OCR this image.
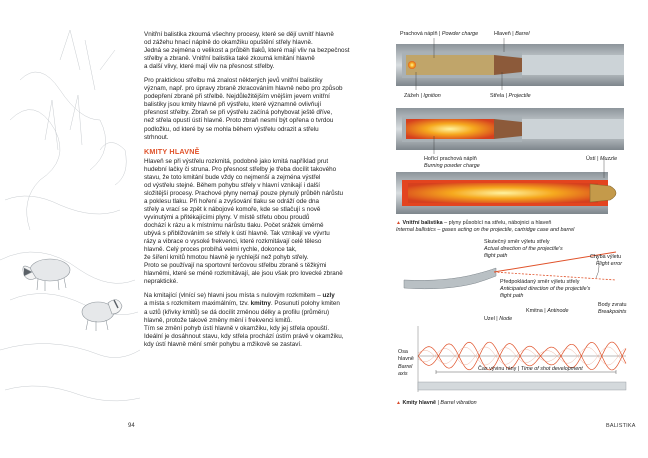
94	BALISTIKA

Vnitřní balistika zkoumá všechny procesy, které se dějí uvnitř hlavně
od zážehu hnací náplně do okamžiku opuštění střely hlavně.
Jedná se zejména o velikost a průběh tlaků, které mají vliv na bezpečnost
střelby a zbraně. Vnitřní balistika také zkoumá kmitání hlavně
a další vlivy, které mají vliv na přesnost střelby.

Pro praktickou střelbu má znalost některých jevů vnitřní balistiky
význam, např. pro úpravy zbraně zkracováním hlavně nebo pro způsob
podepření zbraně při střelbě. Nejdůležitějším vnějším jevem vnitřní
balistiky jsou kmity hlavně při výstřelu, které významně ovlivňují
přesnost střelby. Zbraň se při výstřelu začíná pohybovat ještě dříve,
než střela opustí ústí hlavně. Proto zbraň nesmí být opřena o tvrdou
podložku, od které by se mohla během výstřelu odrazit a střelu
strhnout.

KMITY HLAVNĚ

Hlaveň se při výstřelu rozkmitá, podobně jako kmitá například prut
hudební lačky či struna. Pro přesnost střelby je třeba docílit takového
stavu, že toto kmitání bude vždy co nejmenší a zejména výstřel
od výstřelu stejné. Během pohybu střely v hlavní vznikají i další
složitější procesy. Prachové plyny nemají pouze plynulý průběh nárůstu
a poklesu tlaku. Při hoření a zvyšování tlaku se odráží ode dna
střely a vrací se zpět k nábojové komoře, kde se stlačují s nově
vyvinutými a přitékajícími plyny. V místě střetu obou proudů
dochází k rázu a k místnímu nárůstu tlaku. Počet srážek úměrně
ubývá s přibližováním se střely k ústí hlavně. Tak vznikají ve vývrtu
rázy a vibrace o vysoké frekvenci, které rozkmitávají celé těleso
hlavně. Celý proces probíhá velmi rychle, dokonce tak,
že šíření kmitů hmotou hlavně je rychlejší než pohyb střely.
Proto se používají na sportovní terčovou střelbu zbraně s těžkými
hlavněmi, které se méně rozkmitávají, ale jsou však pro lovecké zbraně
nepraktické.

Na kmitající (vlnící se) hlavni jsou místa s nulovým rozkmitem – uzly
a místa s rozkmitem maximálním, tzv. kmitny. Posunutí polohy kmiten
a uzlů (křivky kmitů) se dá docílit změnou délky a profilu (průměru)
hlavně, protože takové změny mění i frekvenci kmitů.
Tím se změní pohyb ústí hlavně v okamžiku, kdy jej střela opouští.
Ideální je dosáhnout stavu, kdy střela prochází ústím právě v okamžiku,
kdy ústí hlavně mění směr pohybu a mžikově se zastaví.

Prachová náplň | Powder charge	Hlaveň | Barrel
Zážeh | Ignition	Střela | Projectile
Hořící prachová náplň
Burning powder charge
Ústí | Muzzle
▲ Vnitřní balistika – plyny působící na střelu, nábojnici a hlaveň
Internal ballistics – gases acting on the projectile, cartridge case and barrel
Skutečný směr výletu střely
Actual direction of the projectile's
flight path	Chyba výletu
Flight error
Předpokládaný směr výletu střely
Anticipated direction of the projectile's
flight path
Uzel | Node
Kmitna | Antinode
Body zvratu
Breakpoints
Osa
hlavně
Barrel
axis
Čas vývinu rány | Time of shot development
▲ Kmity hlavně | Barrel vibration
